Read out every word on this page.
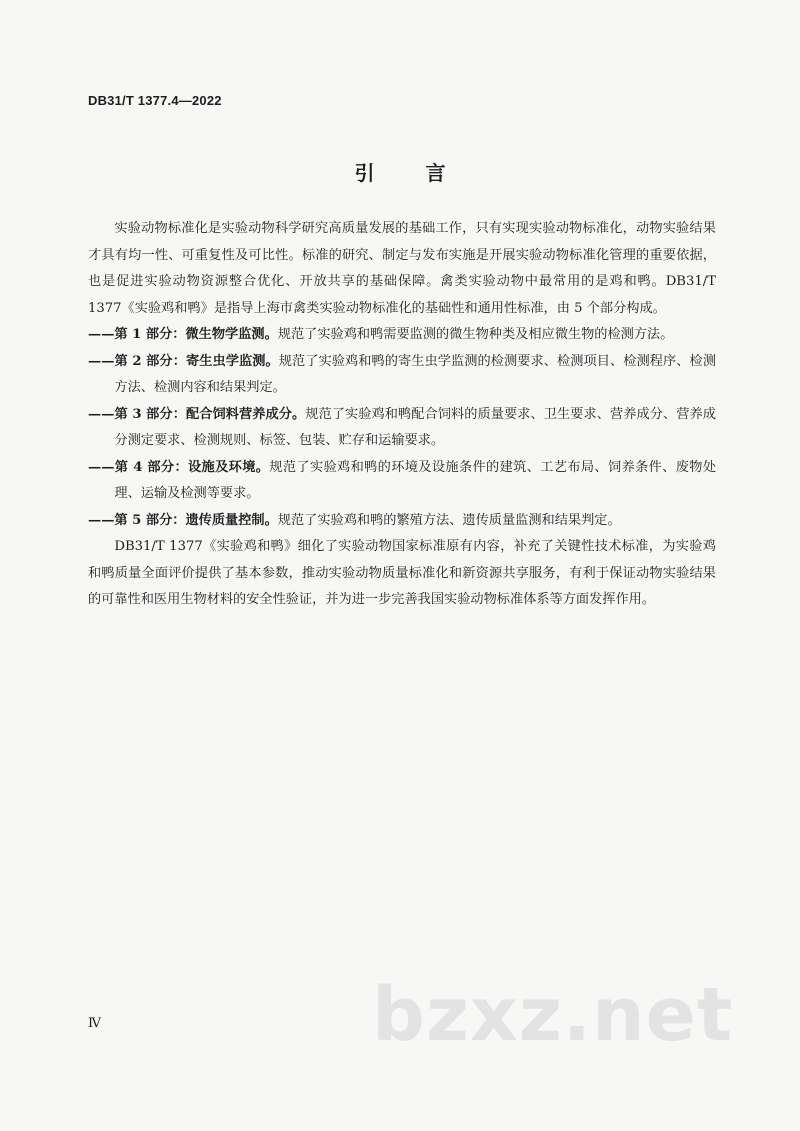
DB31/T 1377.4—2022
引 言

实验动物标准化是实验动物科学研究高质量发展的基础工作，只有实现实验动物标准化，动物实验结果才具有均一性、可重复性及可比性。标准的研究、制定与发布实施是开展实验动物标准化管理的重要依据，也是促进实验动物资源整合优化、开放共享的基础保障。禽类实验动物中最常用的是鸡和鸭。DB31/T 1377《实验鸡和鸭》是指导上海市禽类实验动物标准化的基础性和通用性标准，由 5 个部分构成。

——第 1 部分：微生物学监测。规范了实验鸡和鸭需要监测的微生物种类及相应微生物的检测方法。

——第 2 部分：寄生虫学监测。规范了实验鸡和鸭的寄生虫学监测的检测要求、检测项目、检测程序、检测方法、检测内容和结果判定。

——第 3 部分：配合饲料营养成分。规范了实验鸡和鸭配合饲料的质量要求、卫生要求、营养成分、营养成分测定要求、检测规则、标签、包装、贮存和运输要求。

——第 4 部分：设施及环境。规范了实验鸡和鸭的环境及设施条件的建筑、工艺布局、饲养条件、废物处理、运输及检测等要求。

——第 5 部分：遗传质量控制。规范了实验鸡和鸭的繁殖方法、遗传质量监测和结果判定。

DB31/T 1377《实验鸡和鸭》细化了实验动物国家标准原有内容，补充了关键性技术标准，为实验鸡和鸭质量全面评价提供了基本参数，推动实验动物质量标准化和新资源共享服务，有利于保证动物实验结果的可靠性和医用生物材料的安全性验证，并为进一步完善我国实验动物标准体系等方面发挥作用。

Ⅳ	bzxz.net
